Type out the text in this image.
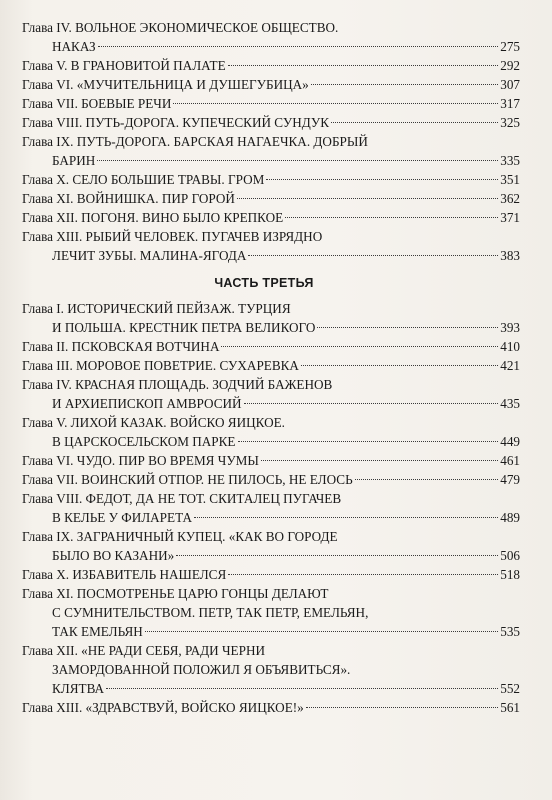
Глава IV. ВОЛЬНОЕ ЭКОНОМИЧЕСКОЕ ОБЩЕСТВО.
НАКАЗ	275
Глава V. В ГРАНОВИТОЙ ПАЛАТЕ	292
Глава VI. «МУЧИТЕЛЬНИЦА И ДУШЕГУБИЦА»	307
Глава VII. БОЕВЫЕ РЕЧИ	317
Глава VIII. ПУТЬ-ДОРОГА. КУПЕЧЕСКИЙ СУНДУК	325
Глава IX. ПУТЬ-ДОРОГА. БАРСКАЯ НАГАЕЧКА. ДОБРЫЙ
БАРИН	335
Глава X. СЕЛО БОЛЬШИЕ ТРАВЫ. ГРОМ	351
Глава XI. ВОЙНИШКА. ПИР ГОРОЙ	362
Глава XII. ПОГОНЯ. ВИНО БЫЛО КРЕПКОЕ	371
Глава XIII. РЫБИЙ ЧЕЛОВЕК. ПУГАЧЕВ ИЗРЯДНО
ЛЕЧИТ ЗУБЫ. МАЛИНА-ЯГОДА	383
ЧАСТЬ ТРЕТЬЯ
Глава I. ИСТОРИЧЕСКИЙ ПЕЙЗАЖ. ТУРЦИЯ
И ПОЛЬША. КРЕСТНИК ПЕТРА ВЕЛИКОГО	393
Глава II. ПСКОВСКАЯ ВОТЧИНА	410
Глава III. МОРОВОЕ ПОВЕТРИЕ. СУХАРЕВКА	421
Глава IV. КРАСНАЯ ПЛОЩАДЬ. ЗОДЧИЙ БАЖЕНОВ
И АРХИЕПИСКОП АМВРОСИЙ	435
Глава V. ЛИХОЙ КАЗАК. ВОЙСКО ЯИЦКОЕ.
В ЦАРСКОСЕЛЬСКОМ ПАРКЕ	449
Глава VI. ЧУДО. ПИР ВО ВРЕМЯ ЧУМЫ	461
Глава VII. ВОИНСКИЙ ОТПОР. НЕ ПИЛОСЬ, НЕ ЕЛОСЬ	479
Глава VIII. ФЕДОТ, ДА НЕ ТОТ. СКИТАЛЕЦ ПУГАЧЕВ
В КЕЛЬЕ У ФИЛАРЕТА	489
Глава IX. ЗАГРАНИЧНЫЙ КУПЕЦ. «КАК ВО ГОРОДЕ
БЫЛО ВО КАЗАНИ»	506
Глава X. ИЗБАВИТЕЛЬ НАШЕЛСЯ	518
Глава XI. ПОСМОТРЕНЬЕ ЦАРЮ ГОНЦЫ ДЕЛАЮТ
С СУМНИТЕЛЬСТВОМ. ПЕТР, ТАК ПЕТР, ЕМЕЛЬЯН,
ТАК ЕМЕЛЬЯН	535
Глава XII. «НЕ РАДИ СЕБЯ, РАДИ ЧЕРНИ
ЗАМОРДОВАННОЙ ПОЛОЖИЛ Я ОБЪЯВИТЬСЯ».
КЛЯТВА	552
Глава XIII. «ЗДРАВСТВУЙ, ВОЙСКО ЯИЦКОЕ!»	561
